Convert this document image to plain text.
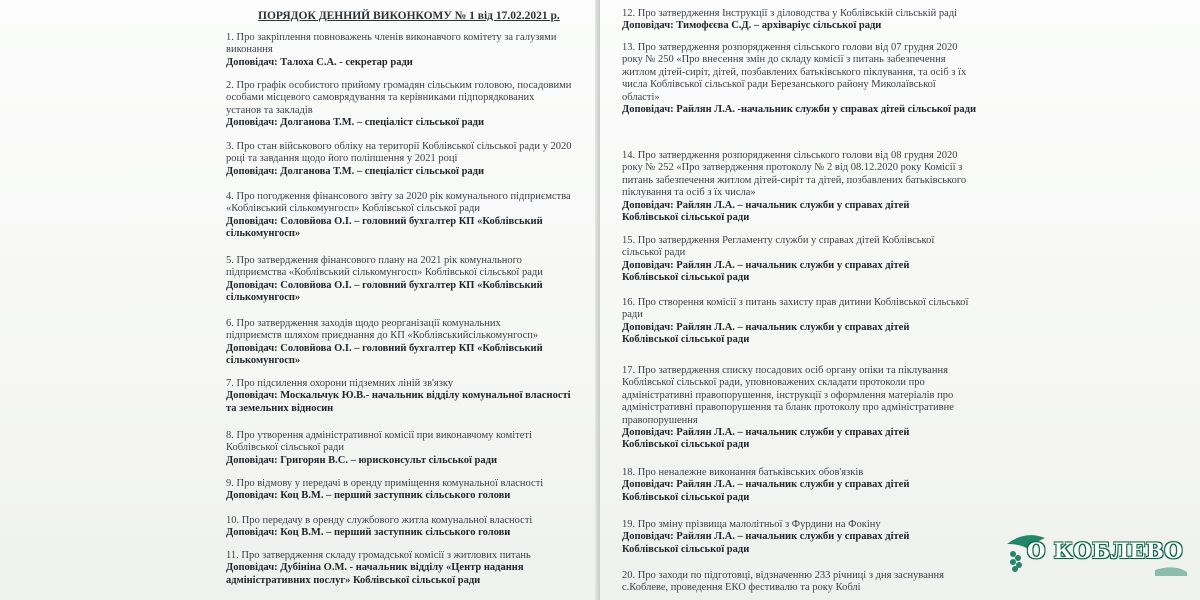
ПОРЯДОК ДЕННИЙ ВИКОНКОМУ № 1 від 17.02.2021 р.
1. Про закріплення повноважень членів виконавчого комітету за галузями
виконання
Доповідач: Талоха С.А. - секретар ради
2. Про графік особистого прийому громадян сільським головою, посадовими
особами місцевого самоврядування та керівниками підпорядкованих
установ та закладів
Доповідач: Долганова Т.М. – спеціаліст сільської ради
3. Про стан військового обліку на території Коблівської сільської ради у 2020
році та завдання щодо його поліпшення у 2021 році
Доповідач: Долганова Т.М. – спеціаліст сільської ради
4. Про погодження фінансового звіту за 2020 рік комунального підприємства
«Коблівський сількомунгосп» Коблівської сільської ради
Доповідач: Соловйова О.І. – головний бухгалтер КП «Коблівський
сількомунгосп»
5. Про затвердження фінансового плану на 2021 рік комунального
підприємства «Коблівський сількомунгосп» Коблівської сільської ради
Доповідач: Соловйова О.І. – головний бухгалтер КП «Коблівський
сількомунгосп»
6. Про затвердження заходів щодо реорганізації комунальних
підприємств шляхом приєднання до КП «Коблівськийсількомунгосп»
Доповідач: Соловйова О.І. – головний бухгалтер КП «Коблівський
сількомунгосп»
7. Про підсилення охорони підземних ліній зв'язку
Доповідач: Москальчук Ю.В.- начальник відділу комунальної власності
та земельних відносин
8. Про утворення адміністративної комісії при виконавчому комітеті
Коблівської сільської ради
Доповідач: Григорян В.С. – юрисконсульт сільської ради
9. Про відмову у передачі в оренду приміщення комунальної власності
Доповідач: Коц В.М. – перший заступник сільського голови
10. Про передачу в оренду службового житла комунальної власності
Доповідач: Коц В.М. – перший заступник сільського голови
11. Про затвердження складу громадської комісії з житлових питань
Доповідач: Дубініна О.М. - начальник відділу «Центр надання
адміністративних послуг» Коблівської сільської ради
12. Про затвердження Інструкції з діловодства у Коблівській сільській раді
Доповідач: Тимофєєва С.Д. – архіваріус сільської ради
13. Про затвердження розпорядження сільського голови від 07 грудня 2020
року № 250 «Про внесення змін до складу комісії з питань забезпечення
житлом дітей-сиріт, дітей, позбавлених батьківського піклування, та осіб з їх
числа Коблівської сільської ради Березанського району Миколаївської
області»
Доповідач: Райлян Л.А. -начальник служби у справах дітей сільської ради
14. Про затвердження розпорядження сільського голови від 08 грудня 2020
року № 252 «Про затвердження протоколу № 2 від 08.12.2020 року Комісії з
питань забезпечення житлом дітей-сиріт та дітей, позбавлених батьківського
піклування та осіб з їх числа»
Доповідач: Райлян Л.А. – начальник служби у справах дітей
Коблівської сільської ради
15. Про затвердження Регламенту служби у справах дітей Коблівської
сільської ради
Доповідач: Райлян Л.А. – начальник служби у справах дітей
Коблівської сільської ради
16. Про створення комісії з питань захисту прав дитини Коблівської сільської
ради
Доповідач: Райлян Л.А. – начальник служби у справах дітей
Коблівської сільської ради
17. Про затвердження списку посадових осіб органу опіки та піклування
Коблівської сільської ради, уповноважених складати протоколи про
адміністративні правопорушення, інструкції з оформлення матеріалів про
адміністративні правопорушення та бланк протоколу про адміністративне
правопорушення
Доповідач: Райлян Л.А. – начальник служби у справах дітей
Коблівської сільської ради
18. Про неналежне виконання батьківських обов'язків
Доповідач: Райлян Л.А. – начальник служби у справах дітей
Коблівської сільської ради
19. Про зміну прізвища малолітньої з Фурдини на Фокіну
Доповідач: Райлян Л.А. – начальник служби у справах дітей
Коблівської сільської ради
20. Про заходи по підготовці, відзначенню 233 річниці з дня заснування
с.Коблеве, проведення ЕКО фестивалю та року Коблі
О КОБЛЕВО
